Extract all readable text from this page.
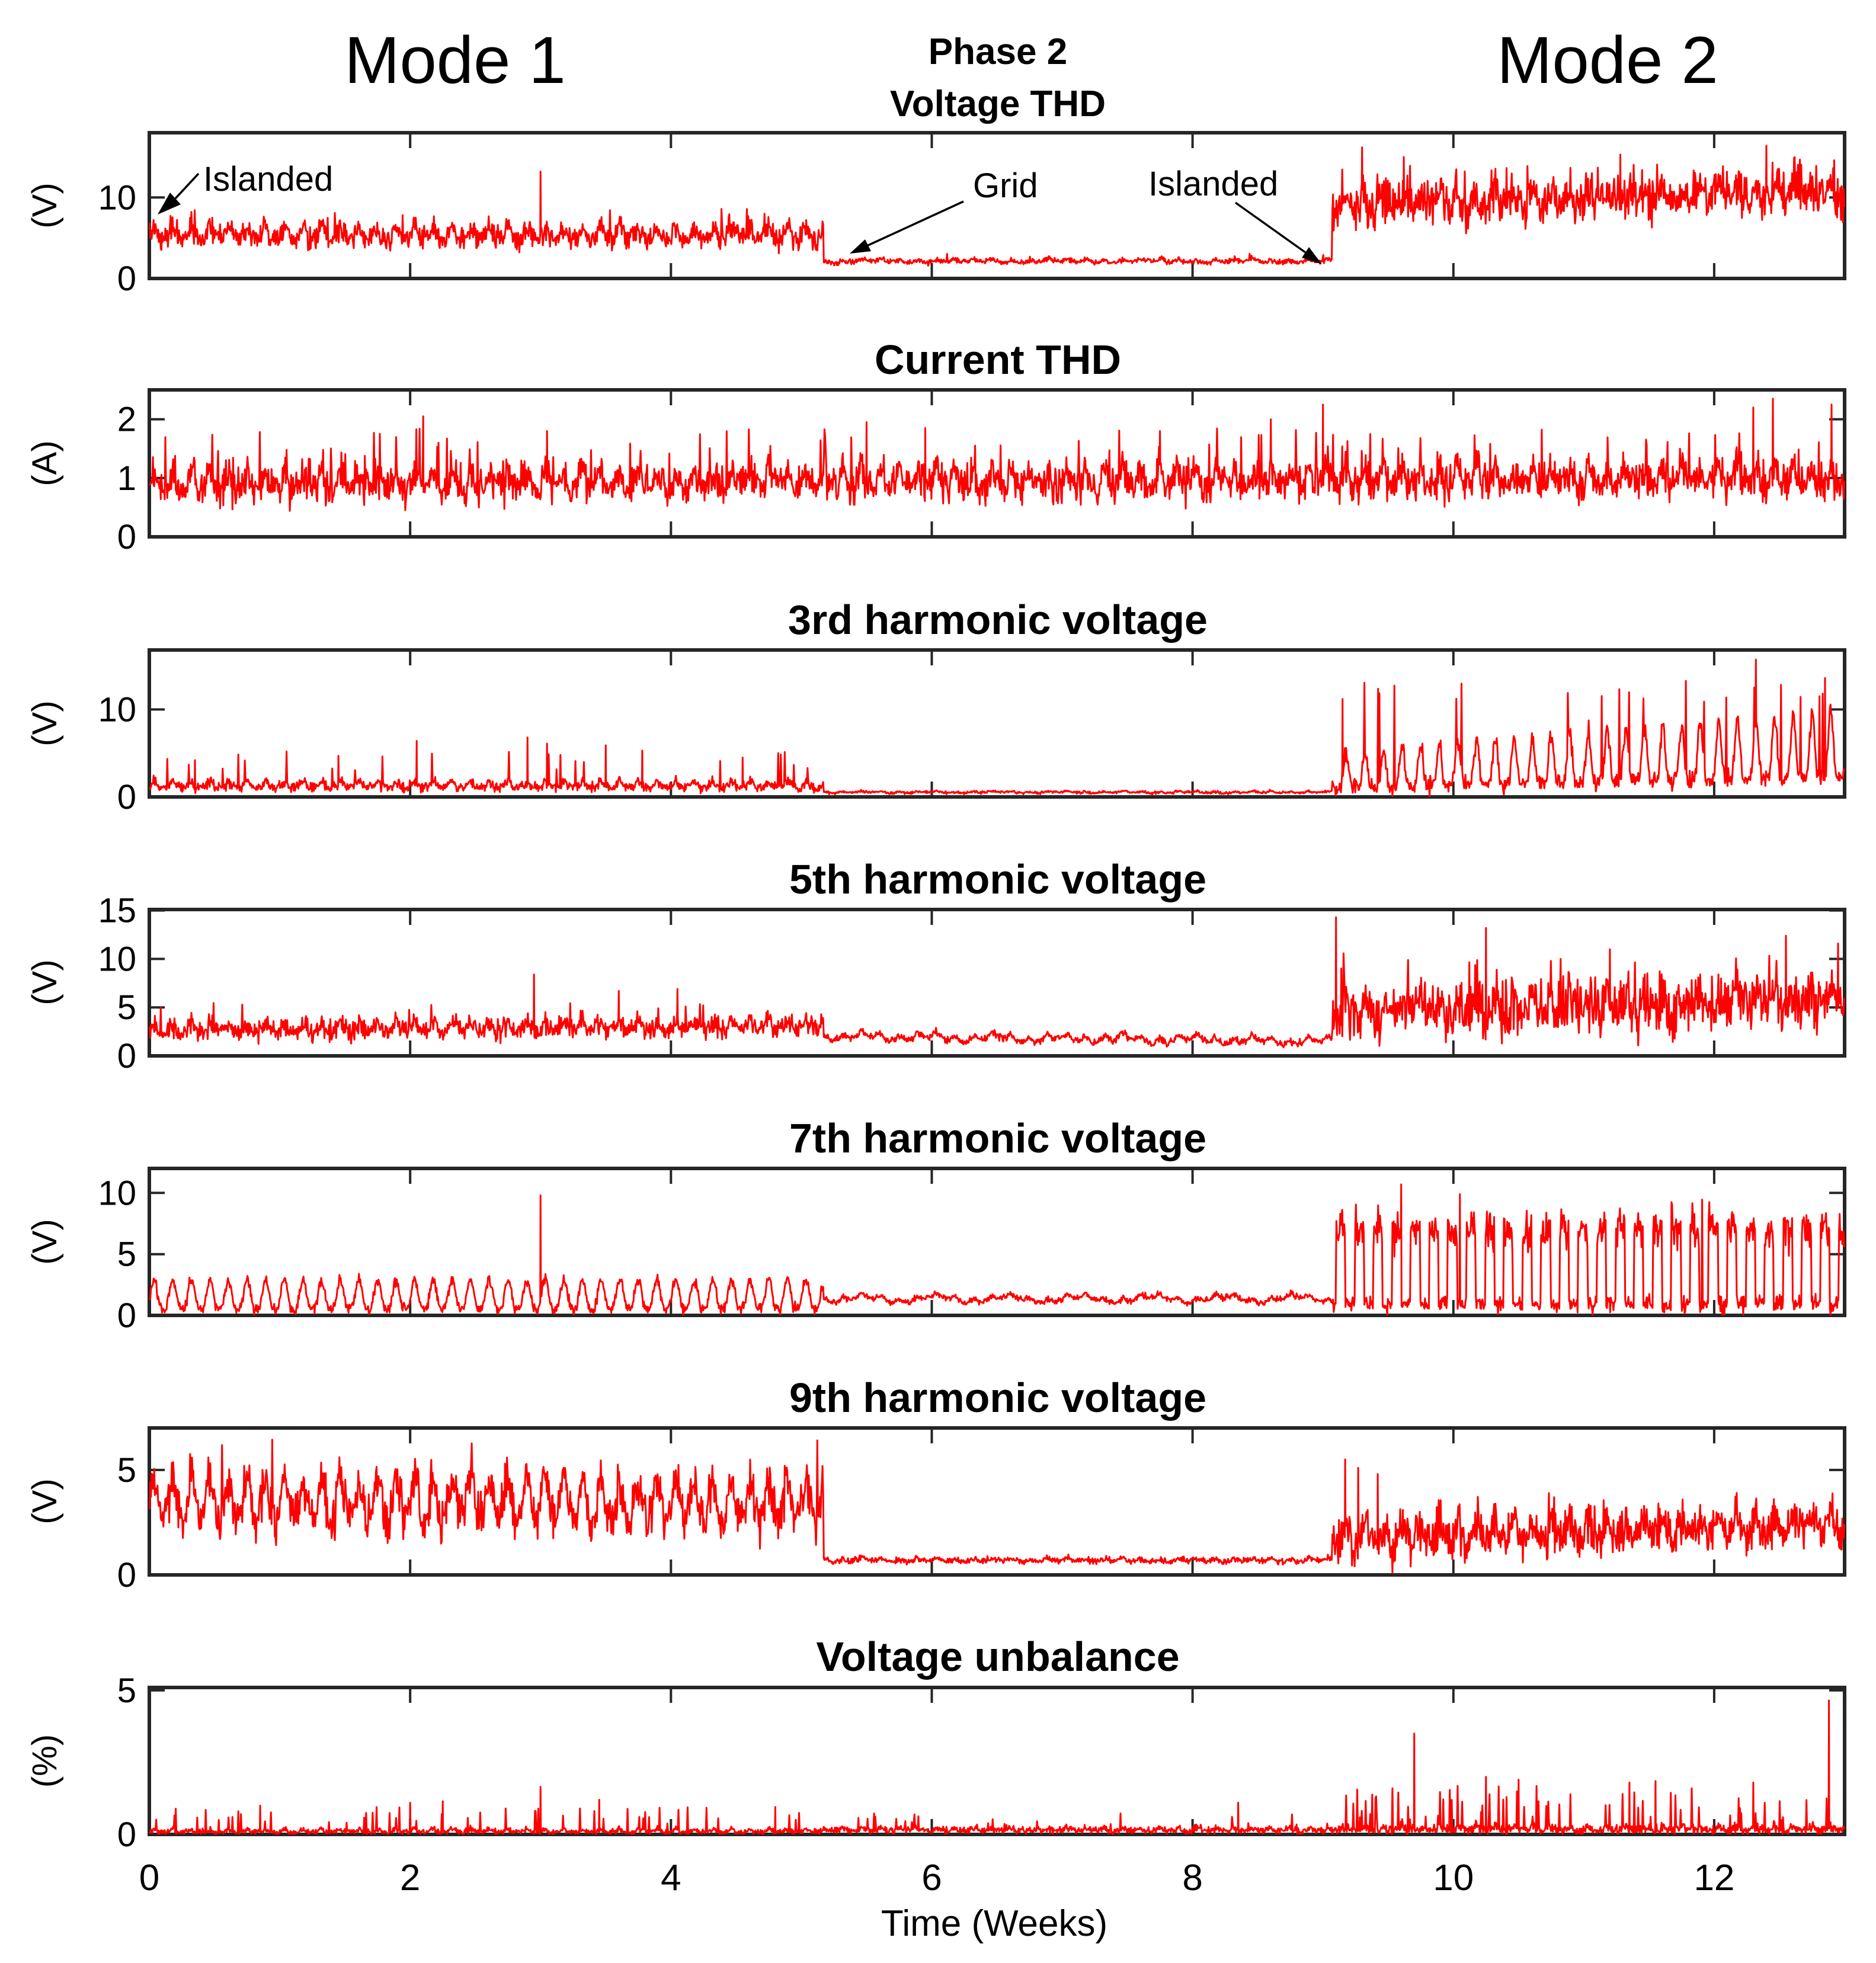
Mode 1	Phase 2
Voltage THD
Mode 2
Current THD
3rd harmonic voltage
5th harmonic voltage
7th harmonic voltage
9th harmonic voltage
Voltage unbalance
(V)
(A)
(V)
(V)
(V)
(V)
(%)
0
10
0
1
2
0
10
0
5
10
15
0
5
10
0
5
0
5
0	2	4	6	8	10	12
Islanded	Grid	Islanded
Time (Weeks)
